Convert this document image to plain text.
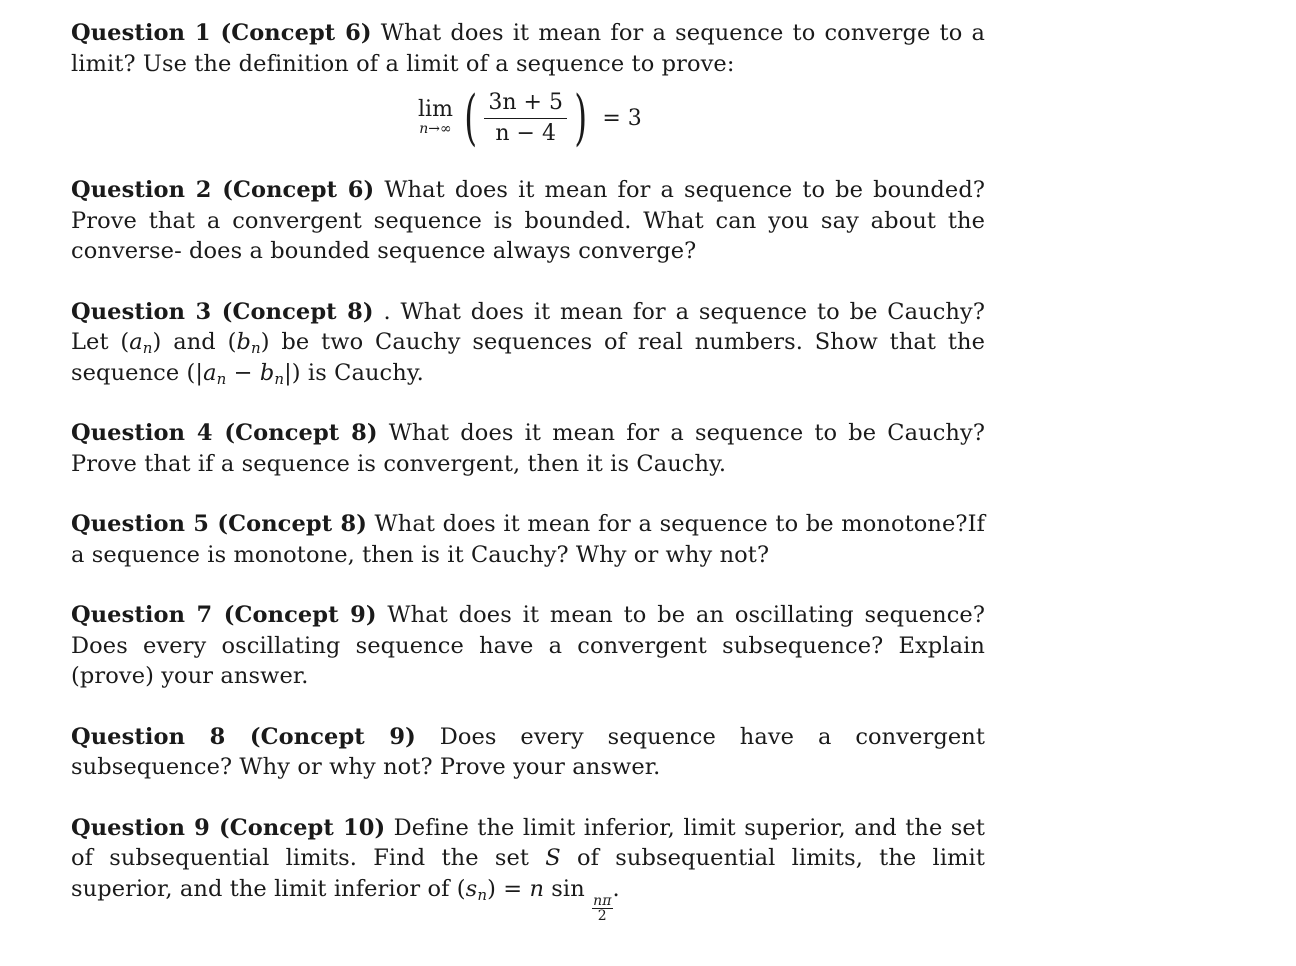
Question 1 (Concept 6) What does it mean for a sequence to converge to a limit? Use the definition of a limit of a sequence to prove:

lim
n→∞ ( $\frac{3n + 5}{n - 4}$ ) = 3

Question 2 (Concept 6) What does it mean for a sequence to be bounded? Prove that a convergent sequence is bounded. What can you say about the converse- does a bounded sequence always converge?

Question 3 (Concept 8) . What does it mean for a sequence to be Cauchy? Let $(a_n)$ and $(b_n)$ be two Cauchy sequences of real numbers. Show that the sequence $(|a_n - b_n|)$ is Cauchy.

Question 4 (Concept 8) What does it mean for a sequence to be Cauchy?Prove that if a sequence is convergent, then it is Cauchy.

Question 5 (Concept 8) What does it mean for a sequence to be monotone?If a sequence is monotone, then is it Cauchy? Why or why not?

Question 7 (Concept 9) What does it mean to be an oscillating sequence? Does every oscillating sequence have a convergent subsequence? Explain (prove) your answer.

Question 8 (Concept 9) Does every sequence have a convergent subsequence? Why or why not? Prove your answer.

Question 9 (Concept 10) Define the limit inferior, limit superior, and the set of subsequential limits. Find the set S of subsequential limits, the limit superior, and the limit inferior of $(s_n) = n$ sin
$\frac{n\pi}{2}$
.
